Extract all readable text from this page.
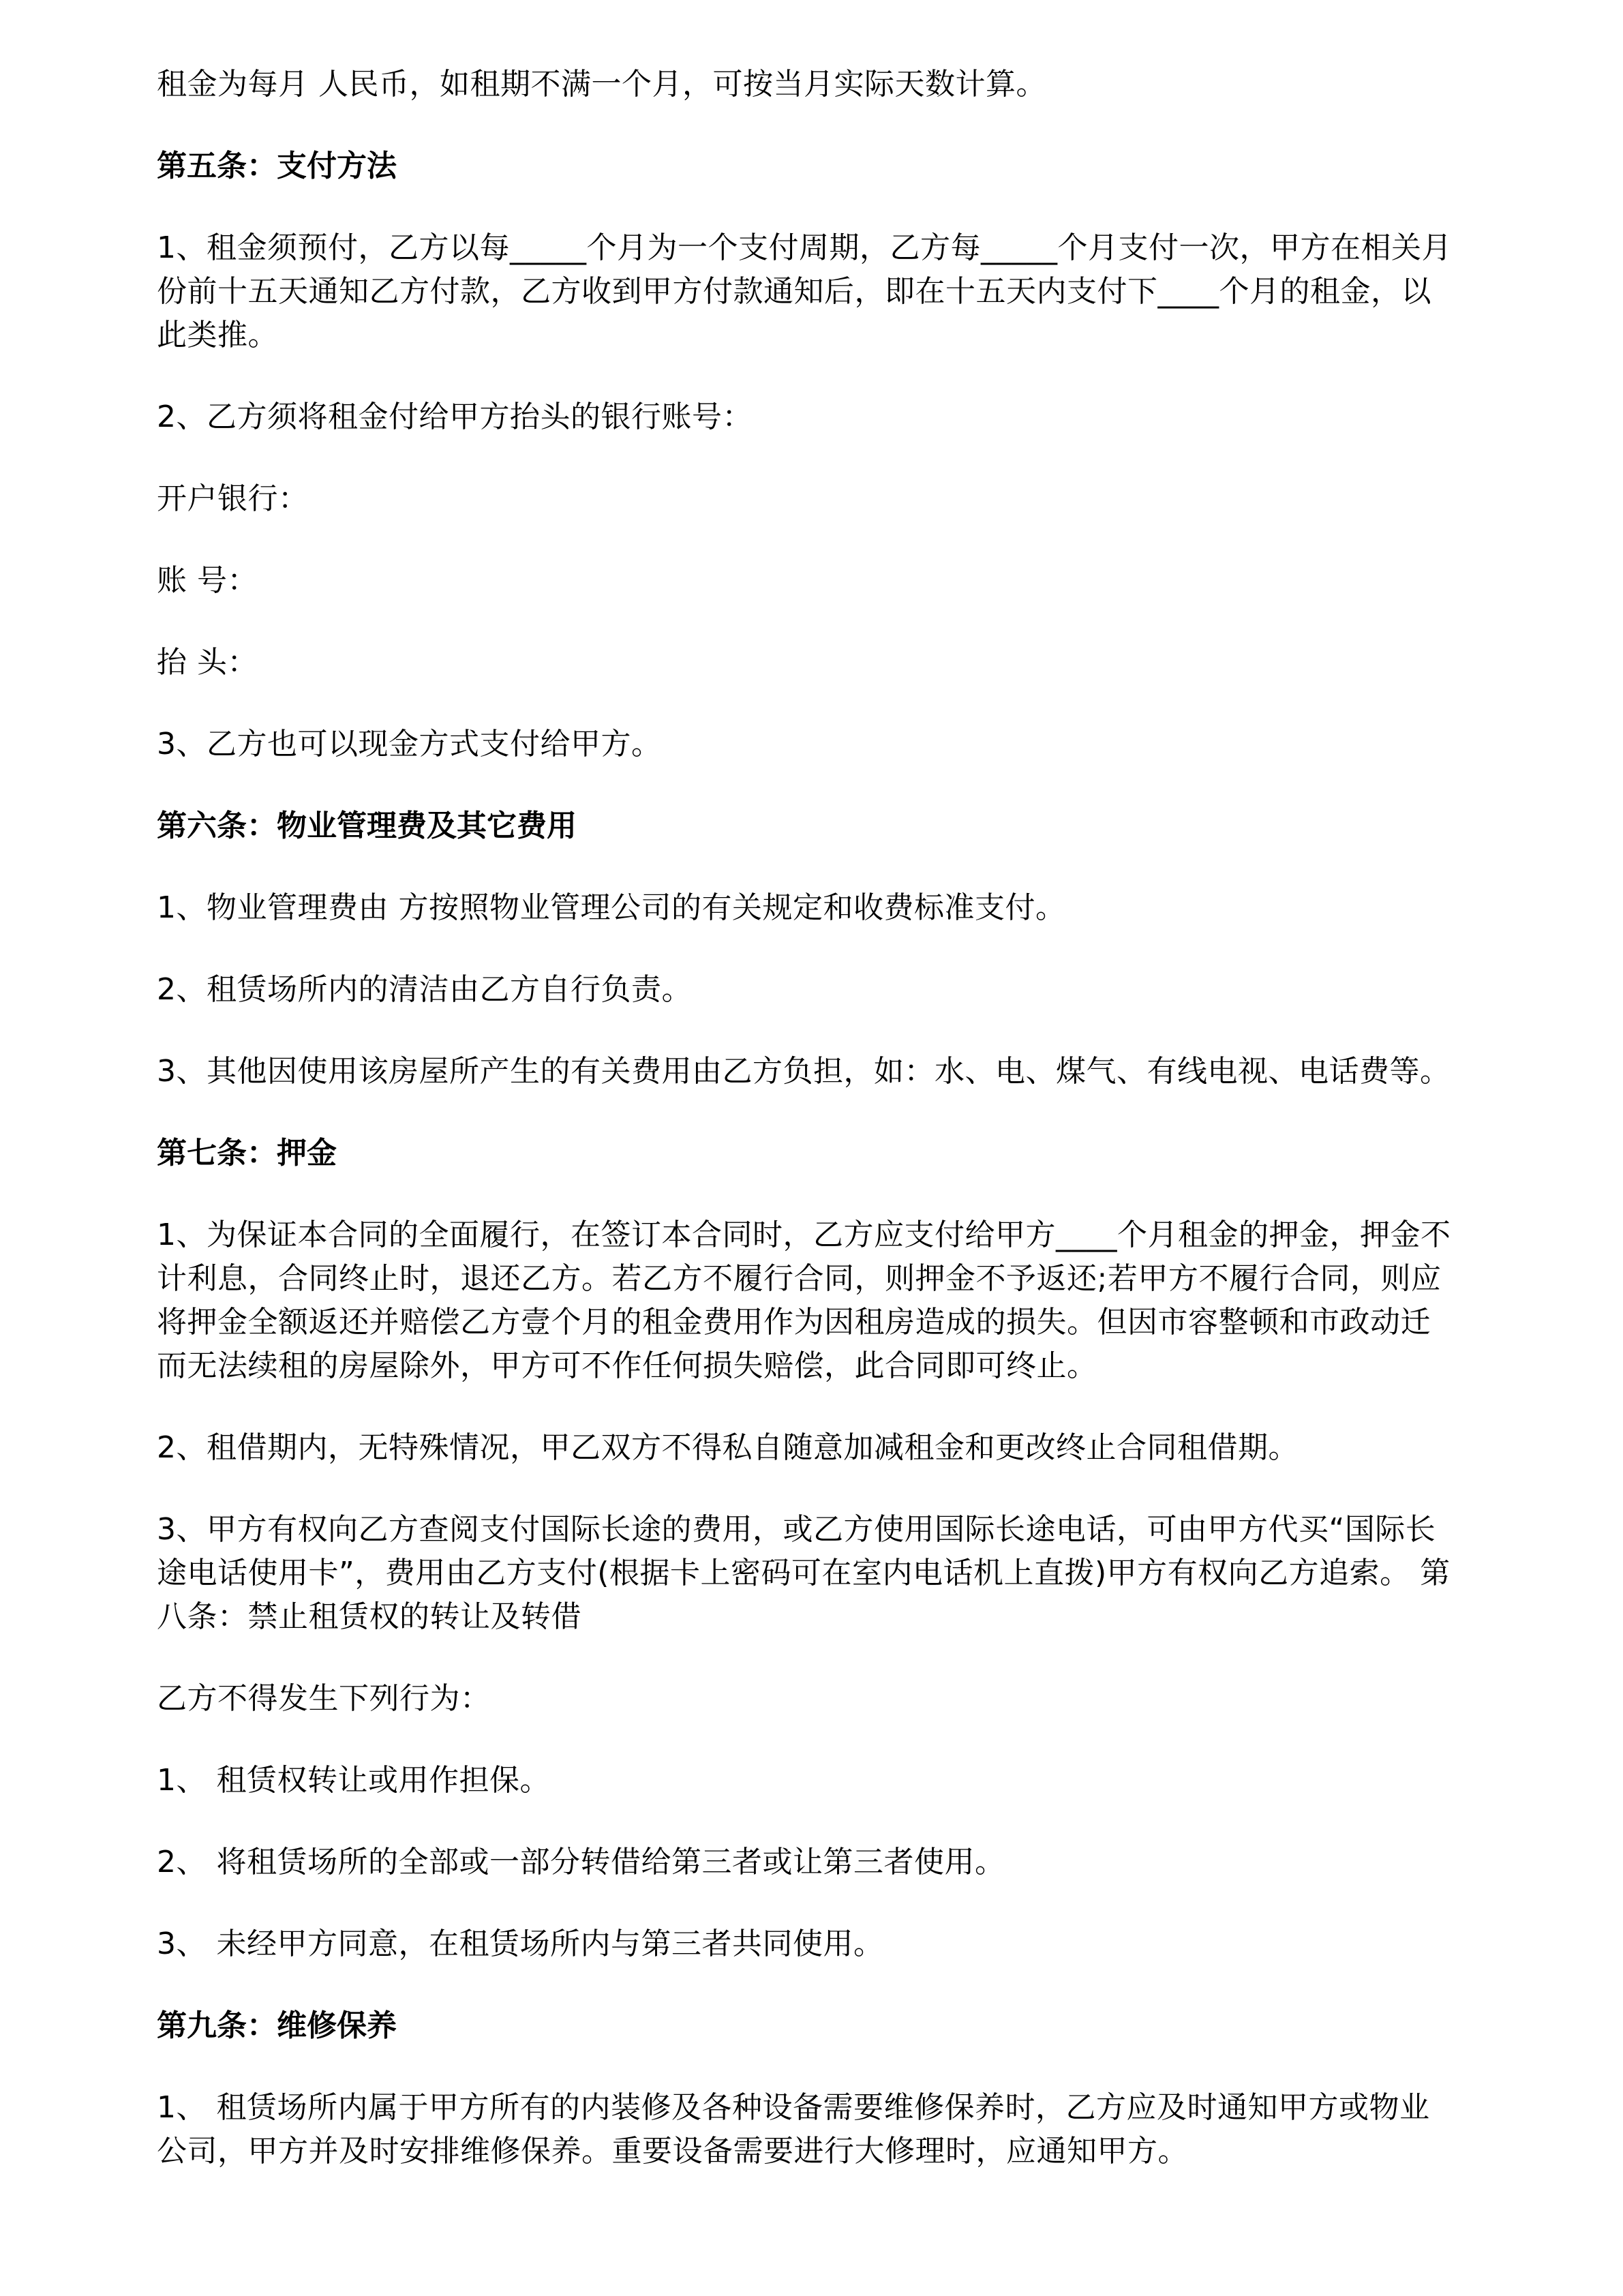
租金为每月 人民币，如租期不满一个月，可按当月实际天数计算。

第五条：支付方法

1、租金须预付，乙方以每_____个月为一个支付周期，乙方每_____个月支付一次，甲方在相关月
份前十五天通知乙方付款，乙方收到甲方付款通知后，即在十五天内支付下____个月的租金，以
此类推。

2、乙方须将租金付给甲方抬头的银行账号：

开户银行：

账 号：

抬 头：

3、乙方也可以现金方式支付给甲方。

第六条：物业管理费及其它费用

1、物业管理费由 方按照物业管理公司的有关规定和收费标准支付。

2、租赁场所内的清洁由乙方自行负责。

3、其他因使用该房屋所产生的有关费用由乙方负担，如：水、电、煤气、有线电视、电话费等。

第七条：押金

1、为保证本合同的全面履行，在签订本合同时，乙方应支付给甲方____个月租金的押金，押金不
计利息，合同终止时，退还乙方。若乙方不履行合同，则押金不予返还;若甲方不履行合同，则应
将押金全额返还并赔偿乙方壹个月的租金费用作为因租房造成的损失。但因市容整顿和市政动迁
而无法续租的房屋除外，甲方可不作任何损失赔偿，此合同即可终止。

2、租借期内，无特殊情况，甲乙双方不得私自随意加减租金和更改终止合同租借期。

3、甲方有权向乙方查阅支付国际长途的费用，或乙方使用国际长途电话，可由甲方代买“国际长
途电话使用卡”，费用由乙方支付(根据卡上密码可在室内电话机上直拨)甲方有权向乙方追索。 第
八条：禁止租赁权的转让及转借

乙方不得发生下列行为：

1、 租赁权转让或用作担保。

2、 将租赁场所的全部或一部分转借给第三者或让第三者使用。

3、 未经甲方同意，在租赁场所内与第三者共同使用。

第九条：维修保养

1、 租赁场所内属于甲方所有的内装修及各种设备需要维修保养时，乙方应及时通知甲方或物业
公司，甲方并及时安排维修保养。重要设备需要进行大修理时，应通知甲方。
